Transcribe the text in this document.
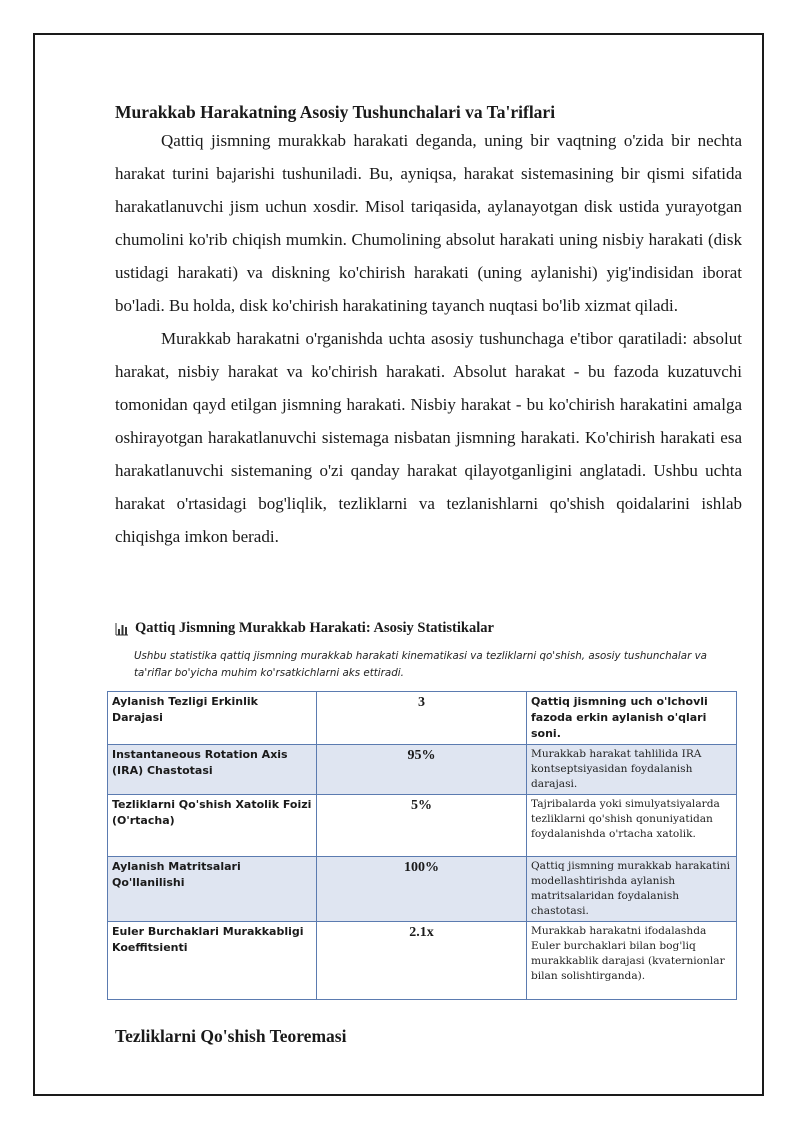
Murakkab Harakatning Asosiy Tushunchalari va Ta'riflari

Qattiq jismning murakkab harakati deganda, uning bir vaqtning o'zida bir nechta harakat turini bajarishi tushuniladi. Bu, ayniqsa, harakat sistemasining bir qismi sifatida harakatlanuvchi jism uchun xosdir. Misol tariqasida, aylanayotgan disk ustida yurayotgan chumolini ko'rib chiqish mumkin. Chumolining absolut harakati uning nisbiy harakati (disk ustidagi harakati) va diskning ko'chirish harakati (uning aylanishi) yig'indisidan iborat bo'ladi. Bu holda, disk ko'chirish harakatining tayanch nuqtasi bo'lib xizmat qiladi.

Murakkab harakatni o'rganishda uchta asosiy tushunchaga e'tibor qaratiladi: absolut harakat, nisbiy harakat va ko'chirish harakati. Absolut harakat - bu fazoda kuzatuvchi tomonidan qayd etilgan jismning harakati. Nisbiy harakat - bu ko'chirish harakatini amalga oshirayotgan harakatlanuvchi sistemaga nisbatan jismning harakati. Ko'chirish harakati esa harakatlanuvchi sistemaning o'zi qanday harakat qilayotganligini anglatadi. Ushbu uchta harakat o'rtasidagi bog'liqlik, tezliklarni va tezlanishlarni qo'shish qoidalarini ishlab chiqishga imkon beradi.

Qattiq Jismning Murakkab Harakati: Asosiy Statistikalar
Ushbu statistika qattiq jismning murakkab harakati kinematikasi va tezliklarni qo'shish, asosiy tushunchalar va ta'riflar bo'yicha muhim ko'rsatkichlarni aks ettiradi.
Aylanish Tezligi Erkinlik Darajasi	3	Qattiq jismning uch o'lchovli fazoda erkin aylanish o'qlari soni.
Instantaneous Rotation Axis (IRA) Chastotasi	95%	Murakkab harakat tahlilida IRA kontseptsiyasidan foydalanish darajasi.
Tezliklarni Qo'shish Xatolik Foizi (O'rtacha)	5%	Tajribalarda yoki simulyatsiyalarda tezliklarni qo'shish qonuniyatidan foydalanishda o'rtacha xatolik.
Aylanish Matritsalari Qo'llanilishi	100%	Qattiq jismning murakkab harakatini modellashtirishda aylanish matritsalaridan foydalanish chastotasi.
Euler Burchaklari Murakkabligi Koeffitsienti	2.1x	Murakkab harakatni ifodalashda Euler burchaklari bilan bog'liq murakkablik darajasi (kvaternionlar bilan solishtirganda).
Tezliklarni Qo'shish Teoremasi
